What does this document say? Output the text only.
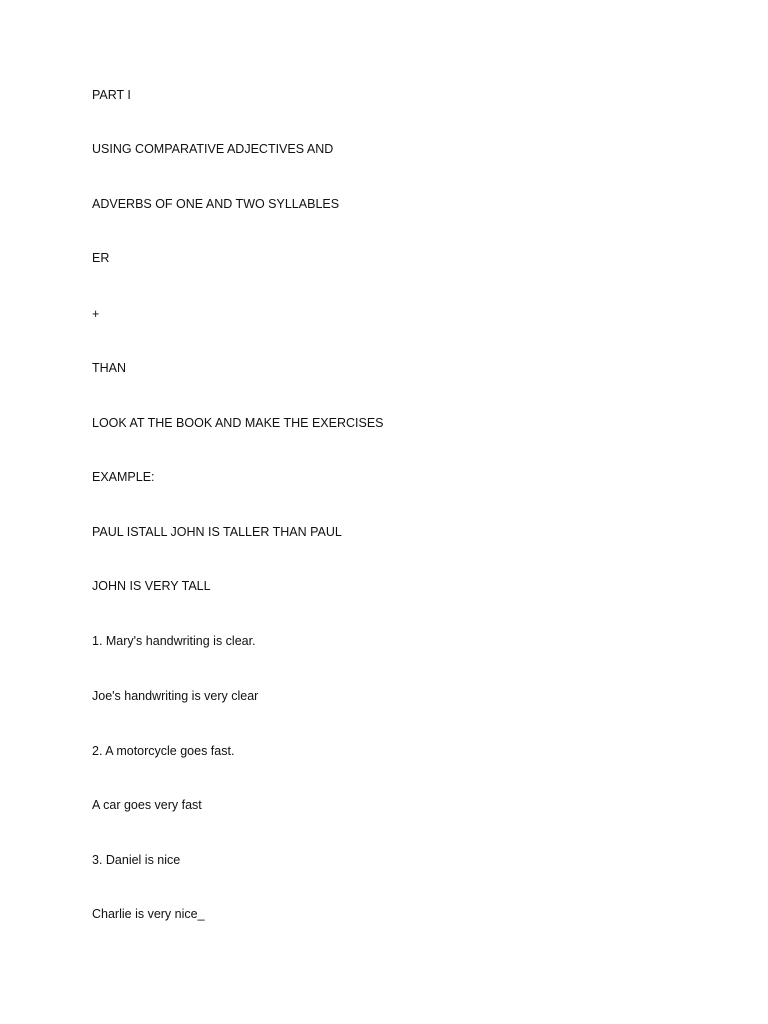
PART I

USING COMPARATIVE ADJECTIVES AND

ADVERBS OF ONE AND TWO SYLLABLES

ER

+

THAN

LOOK AT THE BOOK AND MAKE THE EXERCISES

EXAMPLE:

PAUL ISTALL JOHN IS TALLER THAN PAUL

JOHN IS VERY TALL

1. Mary's handwriting is clear.

Joe's handwriting is very clear

2. A motorcycle goes fast.

A car goes very fast

3. Daniel is nice

Charlie is very nice_
